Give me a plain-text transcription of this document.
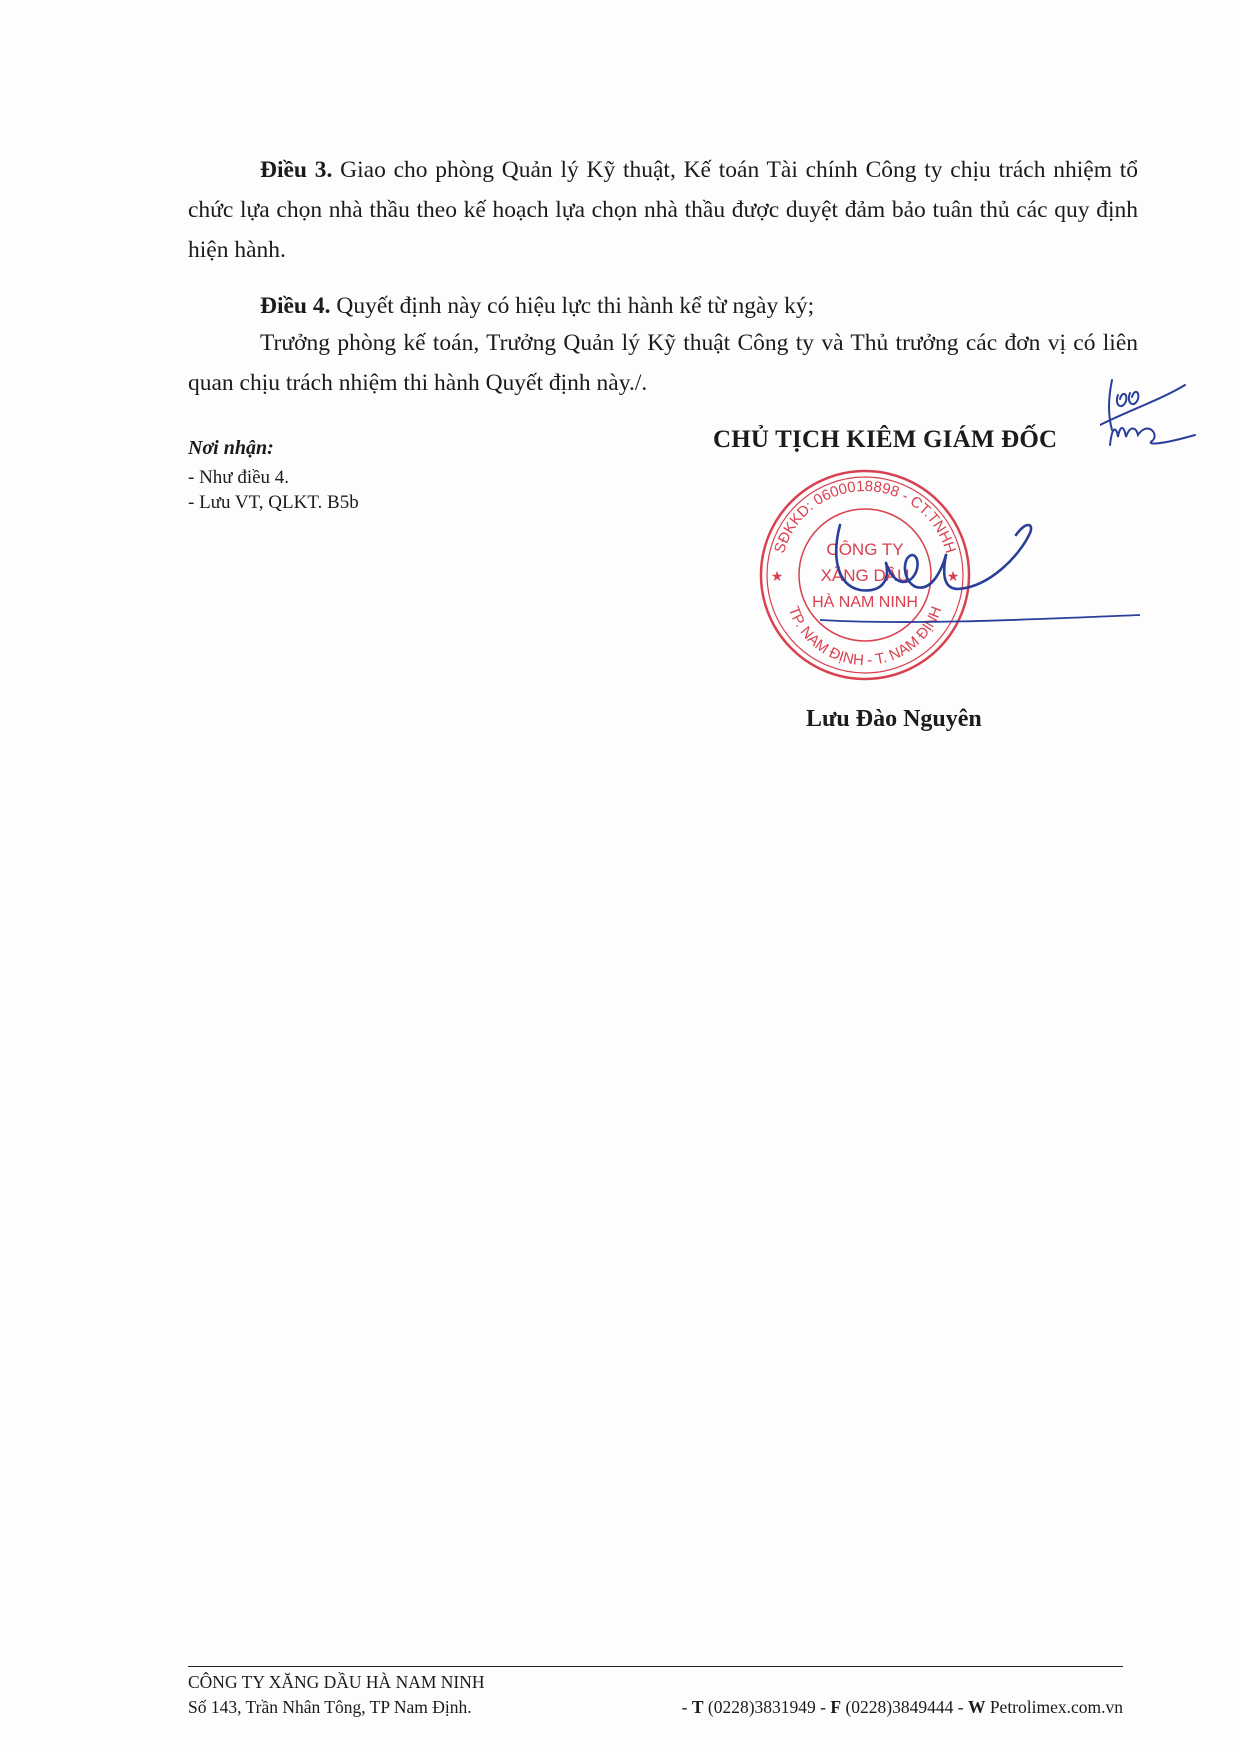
Điều 3. Giao cho phòng Quản lý Kỹ thuật, Kế toán Tài chính Công ty chịu trách nhiệm tổ chức lựa chọn nhà thầu theo kế hoạch lựa chọn nhà thầu được duyệt đảm bảo tuân thủ các quy định hiện hành.
Điều 4. Quyết định này có hiệu lực thi hành kể từ ngày ký;
Trưởng phòng kế toán, Trưởng Quản lý Kỹ thuật Công ty và Thủ trưởng các đơn vị có liên quan chịu trách nhiệm thi hành Quyết định này./.
Nơi nhận:
- Như điều 4.
- Lưu VT, QLKT. B5b
CHỦ TỊCH KIÊM GIÁM ĐỐC
SĐKKD: 0600018898 - CT.TNHH
TP. NAM ĐỊNH - T. NAM ĐỊNH
CÔNG TY
XĂNG DẦU
HÀ NAM NINH
★	★
Lưu Đào Nguyên
CÔNG TY XĂNG DẦU HÀ NAM NINH
Số 143, Trần Nhân Tông, TP Nam Định.	- T (0228)3831949 - F (0228)3849444 - W Petrolimex.com.vn
